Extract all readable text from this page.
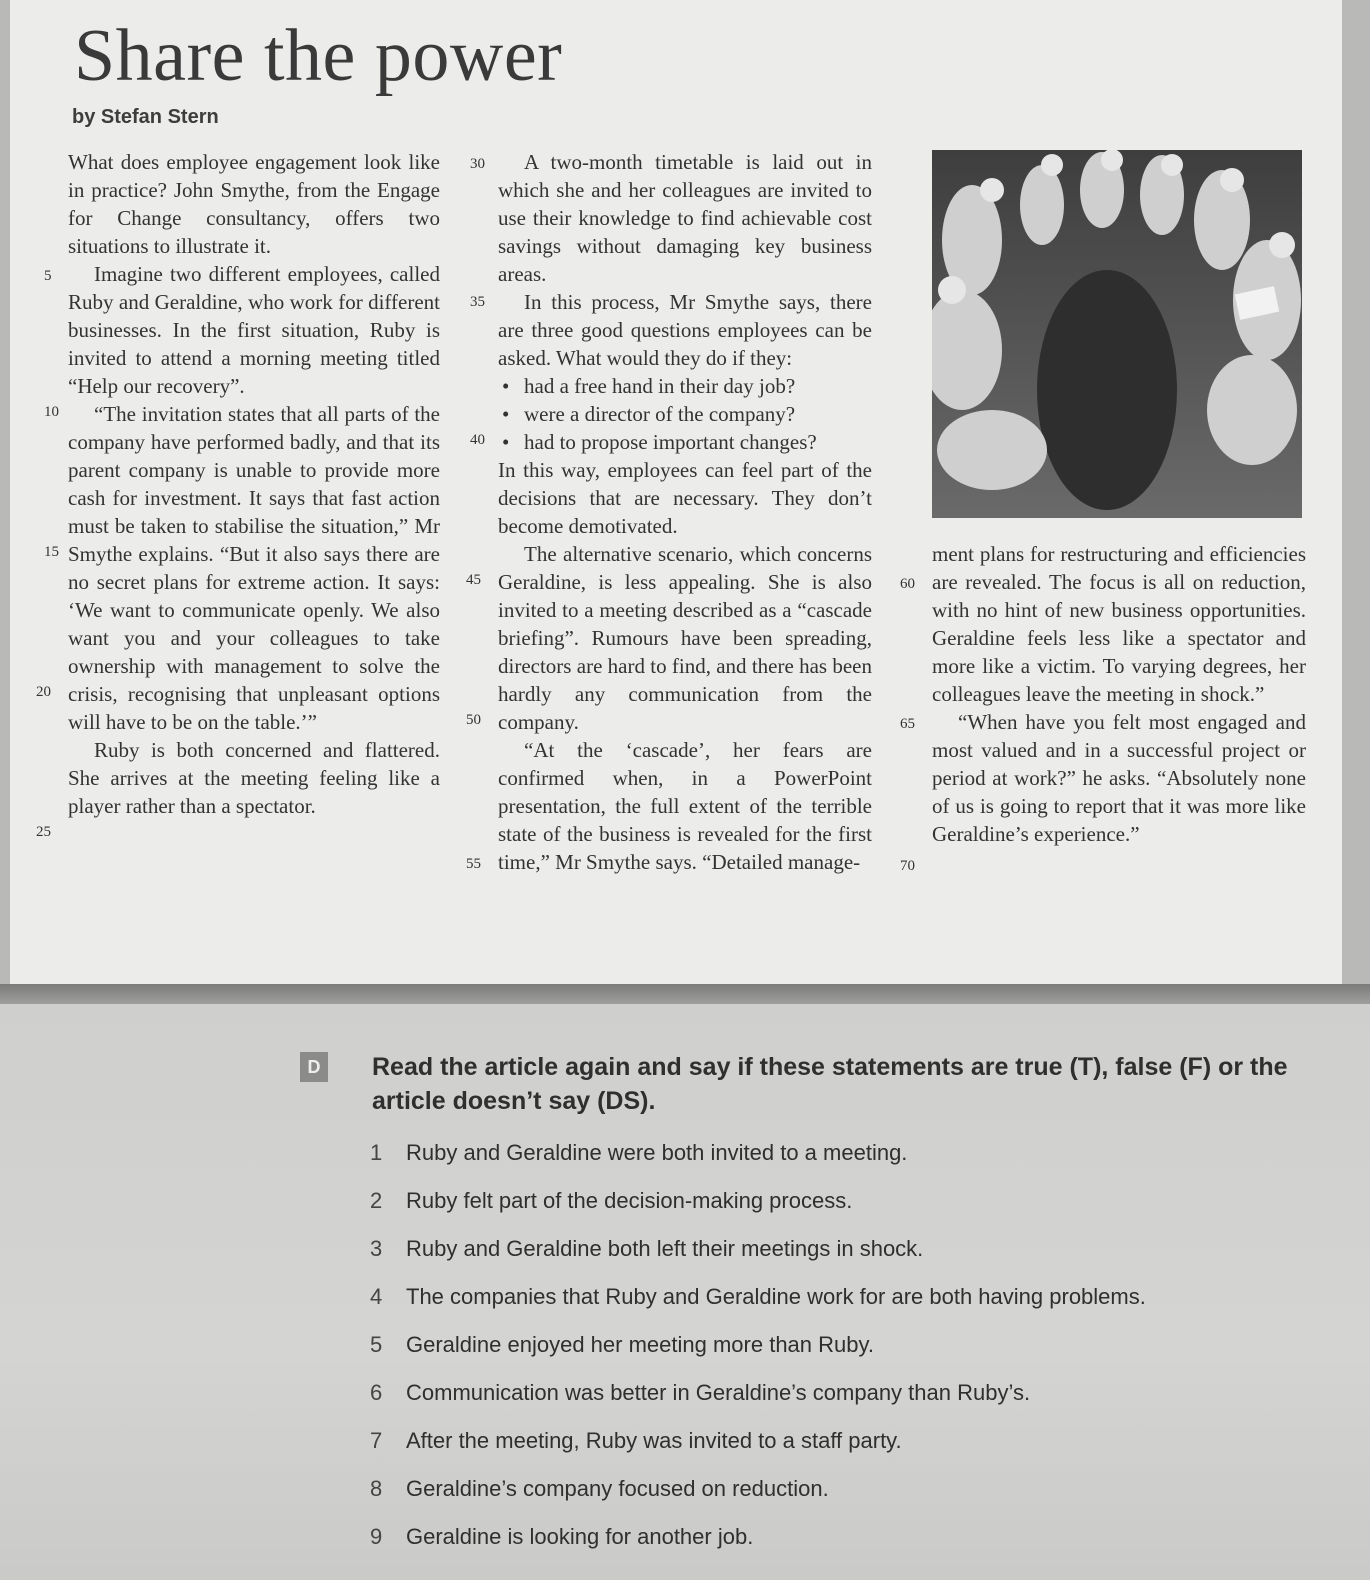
Share the power
by Stefan Stern

What does employee engagement look like in practice? John Smythe, from the Engage for Change consultancy, offers two situations to illustrate it.

Imagine two different employees, called Ruby and Geraldine, who work for different businesses. In the first situation, Ruby is invited to attend a morning meeting titled “Help our recovery”.

“The invitation states that all parts of the company have performed badly, and that its parent company is unable to provide more cash for investment. It says that fast action must be taken to stabilise the situation,” Mr Smythe explains. “But it also says there are no secret plans for extreme action. It says: ‘We want to communicate openly. We also want you and your colleagues to take ownership with management to solve the crisis, recognising that unpleasant options will have to be on the table.’”

Ruby is both concerned and flattered. She arrives at the meeting feeling like a player rather than a spectator.

A two-month timetable is laid out in which she and her colleagues are invited to use their knowledge to find achievable cost savings without damaging key business areas.

In this process, Mr Smythe says, there are three good questions employees can be asked. What would they do if they:

• had a free hand in their day job?
• were a director of the company?
• had to propose important changes?

In this way, employees can feel part of the decisions that are necessary. They don’t become demotivated.

The alternative scenario, which concerns Geraldine, is less appealing. She is also invited to a meeting described as a “cascade briefing”. Rumours have been spreading, directors are hard to find, and there has been hardly any communication from the company.

“At the ‘cascade’, her fears are confirmed when, in a PowerPoint presentation, the full extent of the terrible state of the business is revealed for the first time,” Mr Smythe says. “Detailed manage-

ment plans for restructuring and efficiencies are revealed. The focus is all on reduction, with no hint of new business opportunities. Geraldine feels less like a spectator and more like a victim. To varying degrees, her colleagues leave the meeting in shock.”

“When have you felt most engaged and most valued and in a successful project or period at work?” he asks. “Absolutely none of us is going to report that it was more like Geraldine’s experience.”

5
10
15
20
25
30
35
40
45
50
55
60
65
70
D	Read the article again and say if these statements are true (T), false (F) or the article doesn’t say (DS).
1 Ruby and Geraldine were both invited to a meeting.
2 Ruby felt part of the decision-making process.
3 Ruby and Geraldine both left their meetings in shock.
4 The companies that Ruby and Geraldine work for are both having problems.
5 Geraldine enjoyed her meeting more than Ruby.
6 Communication was better in Geraldine’s company than Ruby’s.
7 After the meeting, Ruby was invited to a staff party.
8 Geraldine’s company focused on reduction.
9 Geraldine is looking for another job.
